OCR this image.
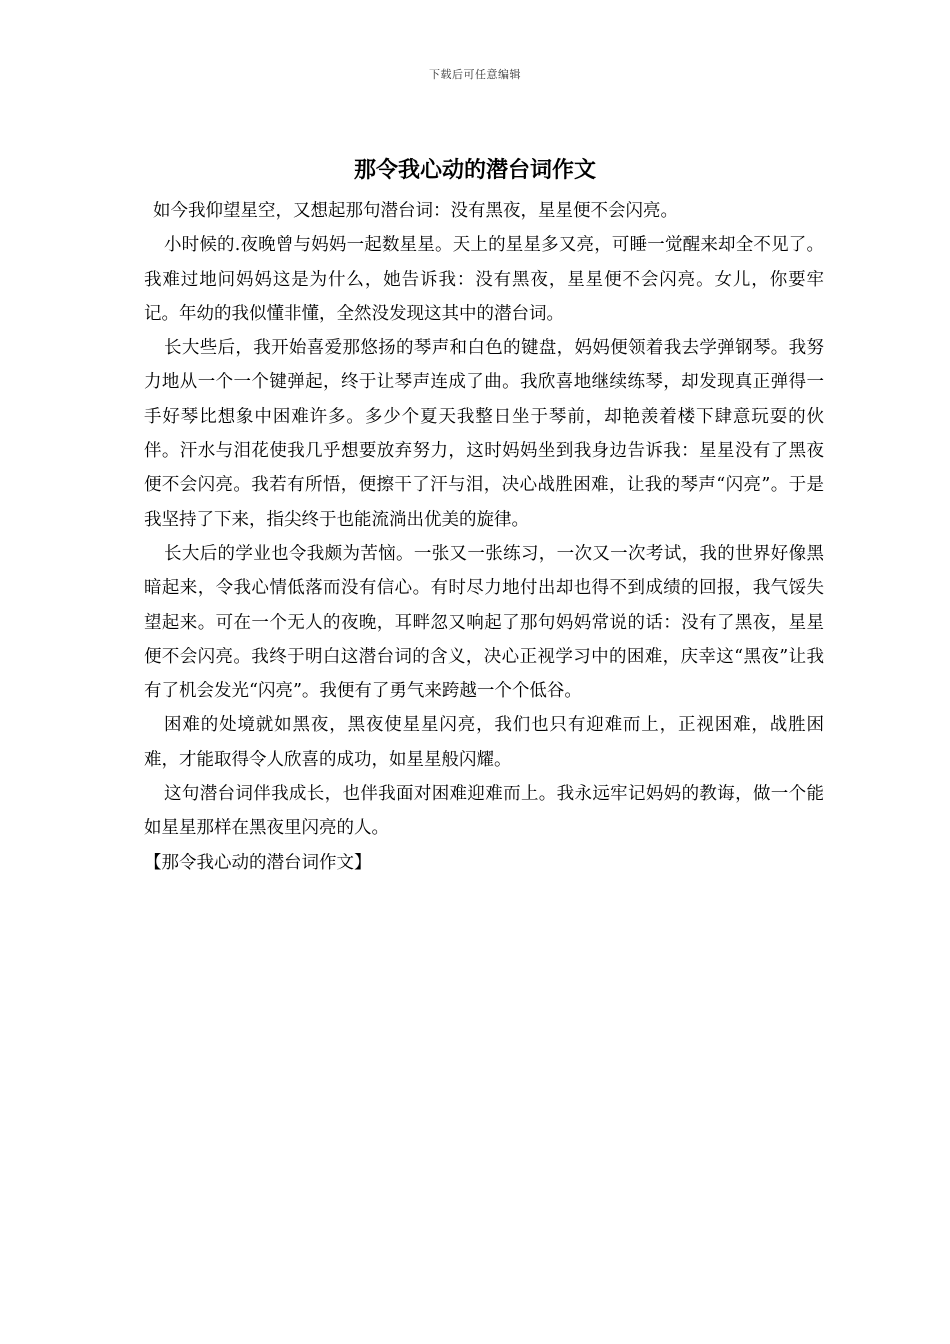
下载后可任意编辑
那令我心动的潜台词作文

如今我仰望星空，又想起那句潜台词：没有黑夜，星星便不会闪亮。

小时候的.夜晚曾与妈妈一起数星星。天上的星星多又亮，可睡一觉醒来却全不见了。我难过地问妈妈这是为什么，她告诉我：没有黑夜，星星便不会闪亮。女儿，你要牢记。年幼的我似懂非懂，全然没发现这其中的潜台词。

长大些后，我开始喜爱那悠扬的琴声和白色的键盘，妈妈便领着我去学弹钢琴。我努力地从一个一个键弹起，终于让琴声连成了曲。我欣喜地继续练琴，却发现真正弹得一手好琴比想象中困难许多。多少个夏天我整日坐于琴前，却艳羡着楼下肆意玩耍的伙伴。汗水与泪花使我几乎想要放弃努力，这时妈妈坐到我身边告诉我：星星没有了黑夜便不会闪亮。我若有所悟，便擦干了汗与泪，决心战胜困难，让我的琴声“闪亮”。于是我坚持了下来，指尖终于也能流淌出优美的旋律。

长大后的学业也令我颇为苦恼。一张又一张练习，一次又一次考试，我的世界好像黑暗起来，令我心情低落而没有信心。有时尽力地付出却也得不到成绩的回报，我气馁失望起来。可在一个无人的夜晚，耳畔忽又响起了那句妈妈常说的话：没有了黑夜，星星便不会闪亮。我终于明白这潜台词的含义，决心正视学习中的困难，庆幸这“黑夜”让我有了机会发光“闪亮”。我便有了勇气来跨越一个个低谷。

困难的处境就如黑夜，黑夜使星星闪亮，我们也只有迎难而上，正视困难，战胜困难，才能取得令人欣喜的成功，如星星般闪耀。

这句潜台词伴我成长，也伴我面对困难迎难而上。我永远牢记妈妈的教诲，做一个能如星星那样在黑夜里闪亮的人。

【那令我心动的潜台词作文】
